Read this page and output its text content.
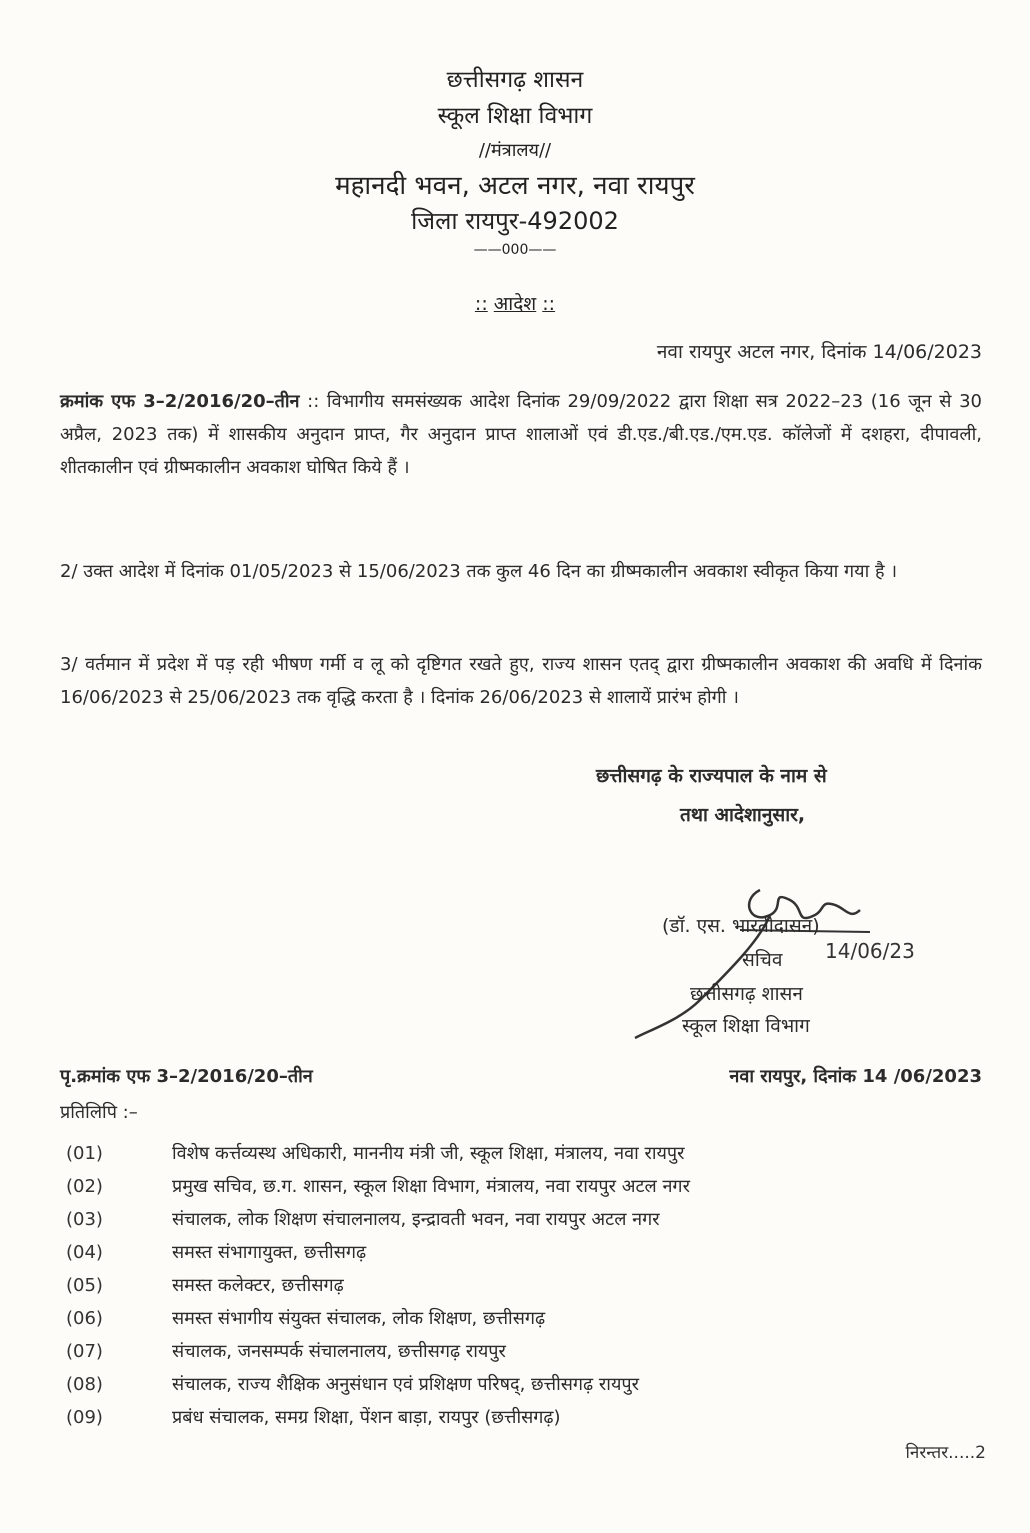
छत्तीसगढ़ शासन
स्कूल शिक्षा विभाग
//मंत्रालय//
महानदी भवन, अटल नगर, नवा रायपुर
जिला रायपुर-492002
——000——
:: आदेश ::
नवा रायपुर अटल नगर, दिनांक 14/06/2023
क्रमांक एफ 3–2/2016/20–तीन :: विभागीय समसंख्यक आदेश दिनांक 29/09/2022 द्वारा शिक्षा सत्र 2022–23 (16 जून से 30 अप्रैल, 2023 तक) में शासकीय अनुदान प्राप्त, गैर अनुदान प्राप्त शालाओं एवं डी.एड./बी.एड./एम.एड. कॉलेजों में दशहरा, दीपावली, शीतकालीन एवं ग्रीष्मकालीन अवकाश घोषित किये हैं ।
2/ उक्त आदेश में दिनांक 01/05/2023 से 15/06/2023 तक कुल 46 दिन का ग्रीष्मकालीन अवकाश स्वीकृत किया गया है ।
3/ वर्तमान में प्रदेश में पड़ रही भीषण गर्मी व लू को दृष्टिगत रखते हुए, राज्य शासन एतद् द्वारा ग्रीष्मकालीन अवकाश की अवधि में दिनांक 16/06/2023 से 25/06/2023 तक वृद्धि करता है । दिनांक 26/06/2023 से शालायें प्रारंभ होगी ।
छत्तीसगढ़ के राज्यपाल के नाम से
तथा आदेशानुसार,
14/06/23
(डॉ. एस. भारतीदासन)
सचिव
छत्तीसगढ़ शासन
स्कूल शिक्षा विभाग
पृ.क्रमांक एफ 3–2/2016/20–तीन	नवा रायपुर, दिनांक 14 /06/2023
प्रतिलिपि :–
(01)	विशेष कर्त्तव्यस्थ अधिकारी, माननीय मंत्री जी, स्कूल शिक्षा, मंत्रालय, नवा रायपुर
(02)	प्रमुख सचिव, छ.ग. शासन, स्कूल शिक्षा विभाग, मंत्रालय, नवा रायपुर अटल नगर
(03)	संचालक, लोक शिक्षण संचालनालय, इन्द्रावती भवन, नवा रायपुर अटल नगर
(04)	समस्त संभागायुक्त, छत्तीसगढ़
(05)	समस्त कलेक्टर, छत्तीसगढ़
(06)	समस्त संभागीय संयुक्त संचालक, लोक शिक्षण, छत्तीसगढ़
(07)	संचालक, जनसम्पर्क संचालनालय, छत्तीसगढ़ रायपुर
(08)	संचालक, राज्य शैक्षिक अनुसंधान एवं प्रशिक्षण परिषद्, छत्तीसगढ़ रायपुर
(09)	प्रबंध संचालक, समग्र शिक्षा, पेंशन बाड़ा, रायपुर (छत्तीसगढ़)
निरन्तर.....2
